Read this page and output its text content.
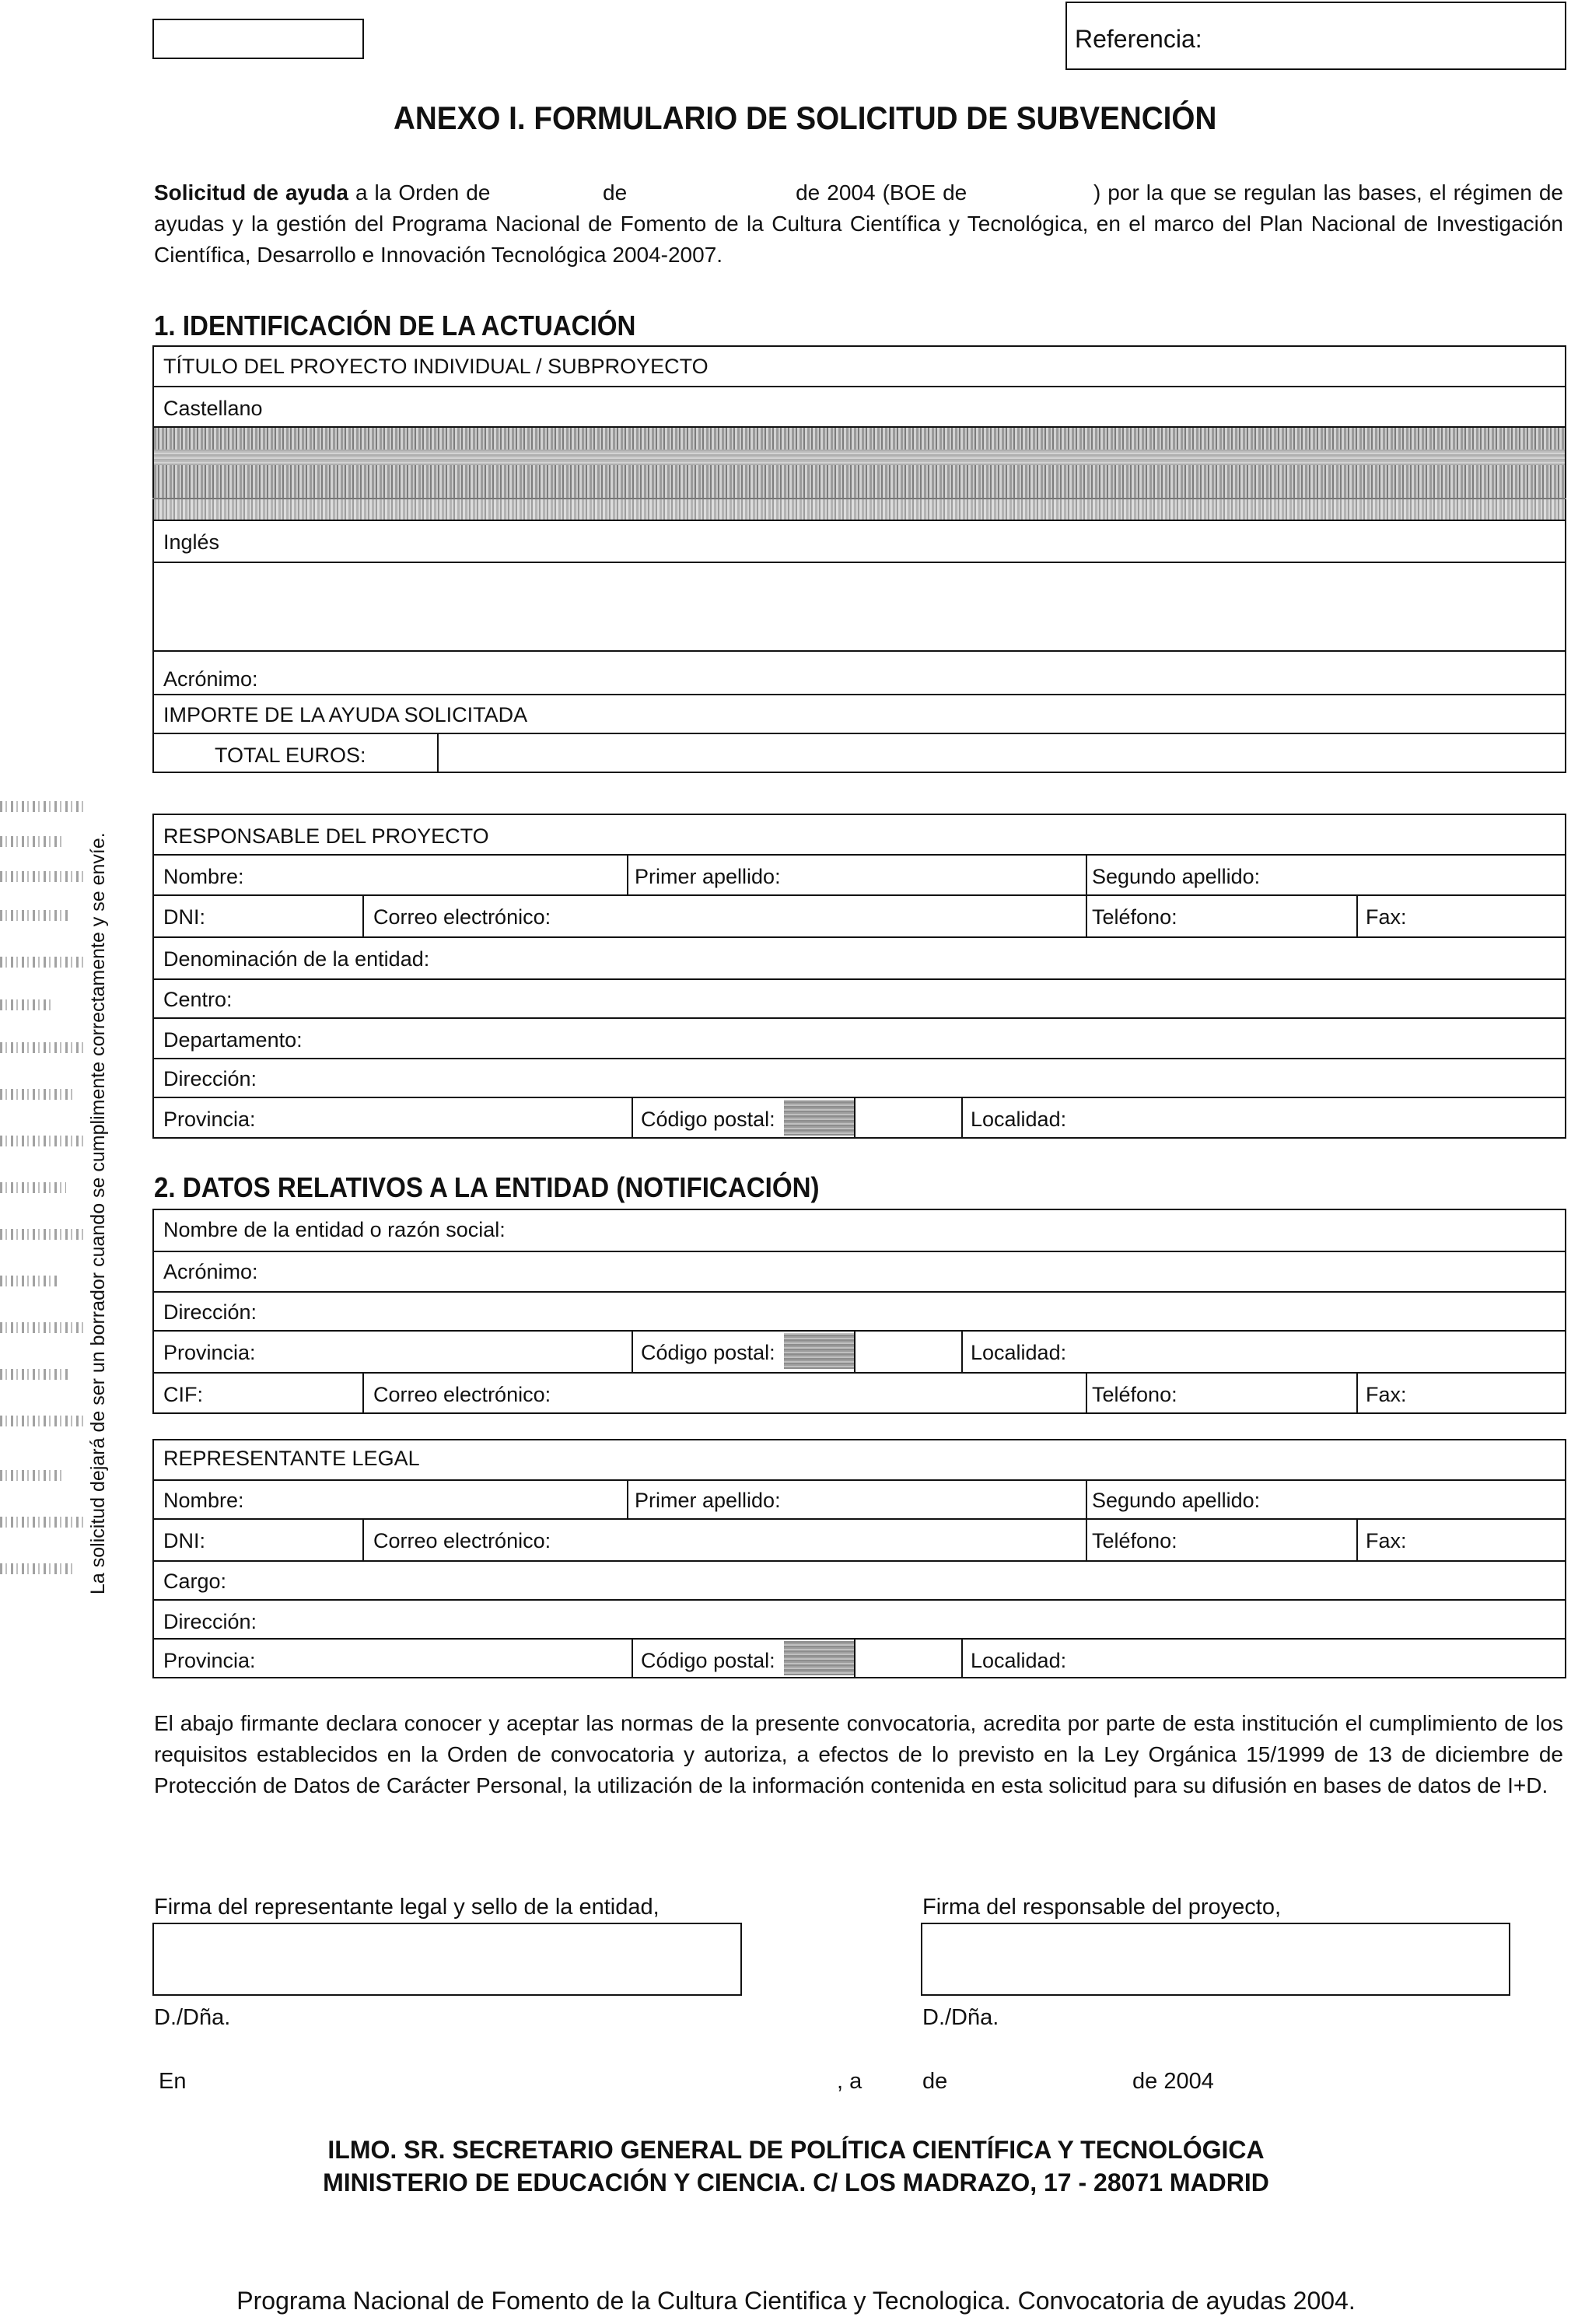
Referencia:
ANEXO I. FORMULARIO DE SOLICITUD DE SUBVENCIÓN
Solicitud de ayuda a la Orden de                de                        de 2004 (BOE de                  ) por la que se regulan las bases, el régimen de ayudas y la gestión del Programa Nacional de Fomento de la Cultura Científica y Tecnológica, en el marco del Plan Nacional de Investigación Científica, Desarrollo e Innovación Tecnológica 2004-2007.
1. IDENTIFICACIÓN DE LA ACTUACIÓN
TÍTULO DEL PROYECTO INDIVIDUAL / SUBPROYECTO
Castellano
Inglés
Acrónimo:
IMPORTE DE LA AYUDA SOLICITADA
TOTAL EUROS:
RESPONSABLE DEL PROYECTO
Nombre:	Primer apellido:	Segundo apellido:
DNI:	Correo electrónico:	Teléfono:	Fax:
Denominación de la entidad:
Centro:
Departamento:
Dirección:
Provincia:	Código postal:	Localidad:
2. DATOS RELATIVOS A LA ENTIDAD (NOTIFICACIÓN)
Nombre de la entidad o razón social:
Acrónimo:
Dirección:
Provincia:	Código postal:	Localidad:
CIF:	Correo electrónico:	Teléfono:	Fax:
REPRESENTANTE LEGAL
Nombre:	Primer apellido:	Segundo apellido:
DNI:	Correo electrónico:	Teléfono:	Fax:
Cargo:
Dirección:
Provincia:	Código postal:	Localidad:
El abajo firmante declara conocer y aceptar las normas de la presente convocatoria, acredita por parte de esta institución el cumplimiento de los requisitos establecidos en la Orden de convocatoria y autoriza, a efectos de lo previsto en la Ley Orgánica 15/1999 de 13 de diciembre de Protección de Datos de Carácter Personal, la utilización de la información contenida en esta solicitud para su difusión en bases de datos de I+D.
Firma del representante legal y sello de la entidad,
D./Dña.
Firma del responsable del proyecto,
D./Dña.
En	, a	de	de 2004
ILMO. SR. SECRETARIO GENERAL DE POLÍTICA CIENTÍFICA Y TECNOLÓGICA
MINISTERIO DE EDUCACIÓN Y CIENCIA. C/ LOS MADRAZO, 17 - 28071 MADRID
Programa Nacional de Fomento de la Cultura Cientifica y Tecnologica. Convocatoria de ayudas 2004.
La solicitud dejará de ser un borrador cuando se cumplimente correctamente y se envíe.
